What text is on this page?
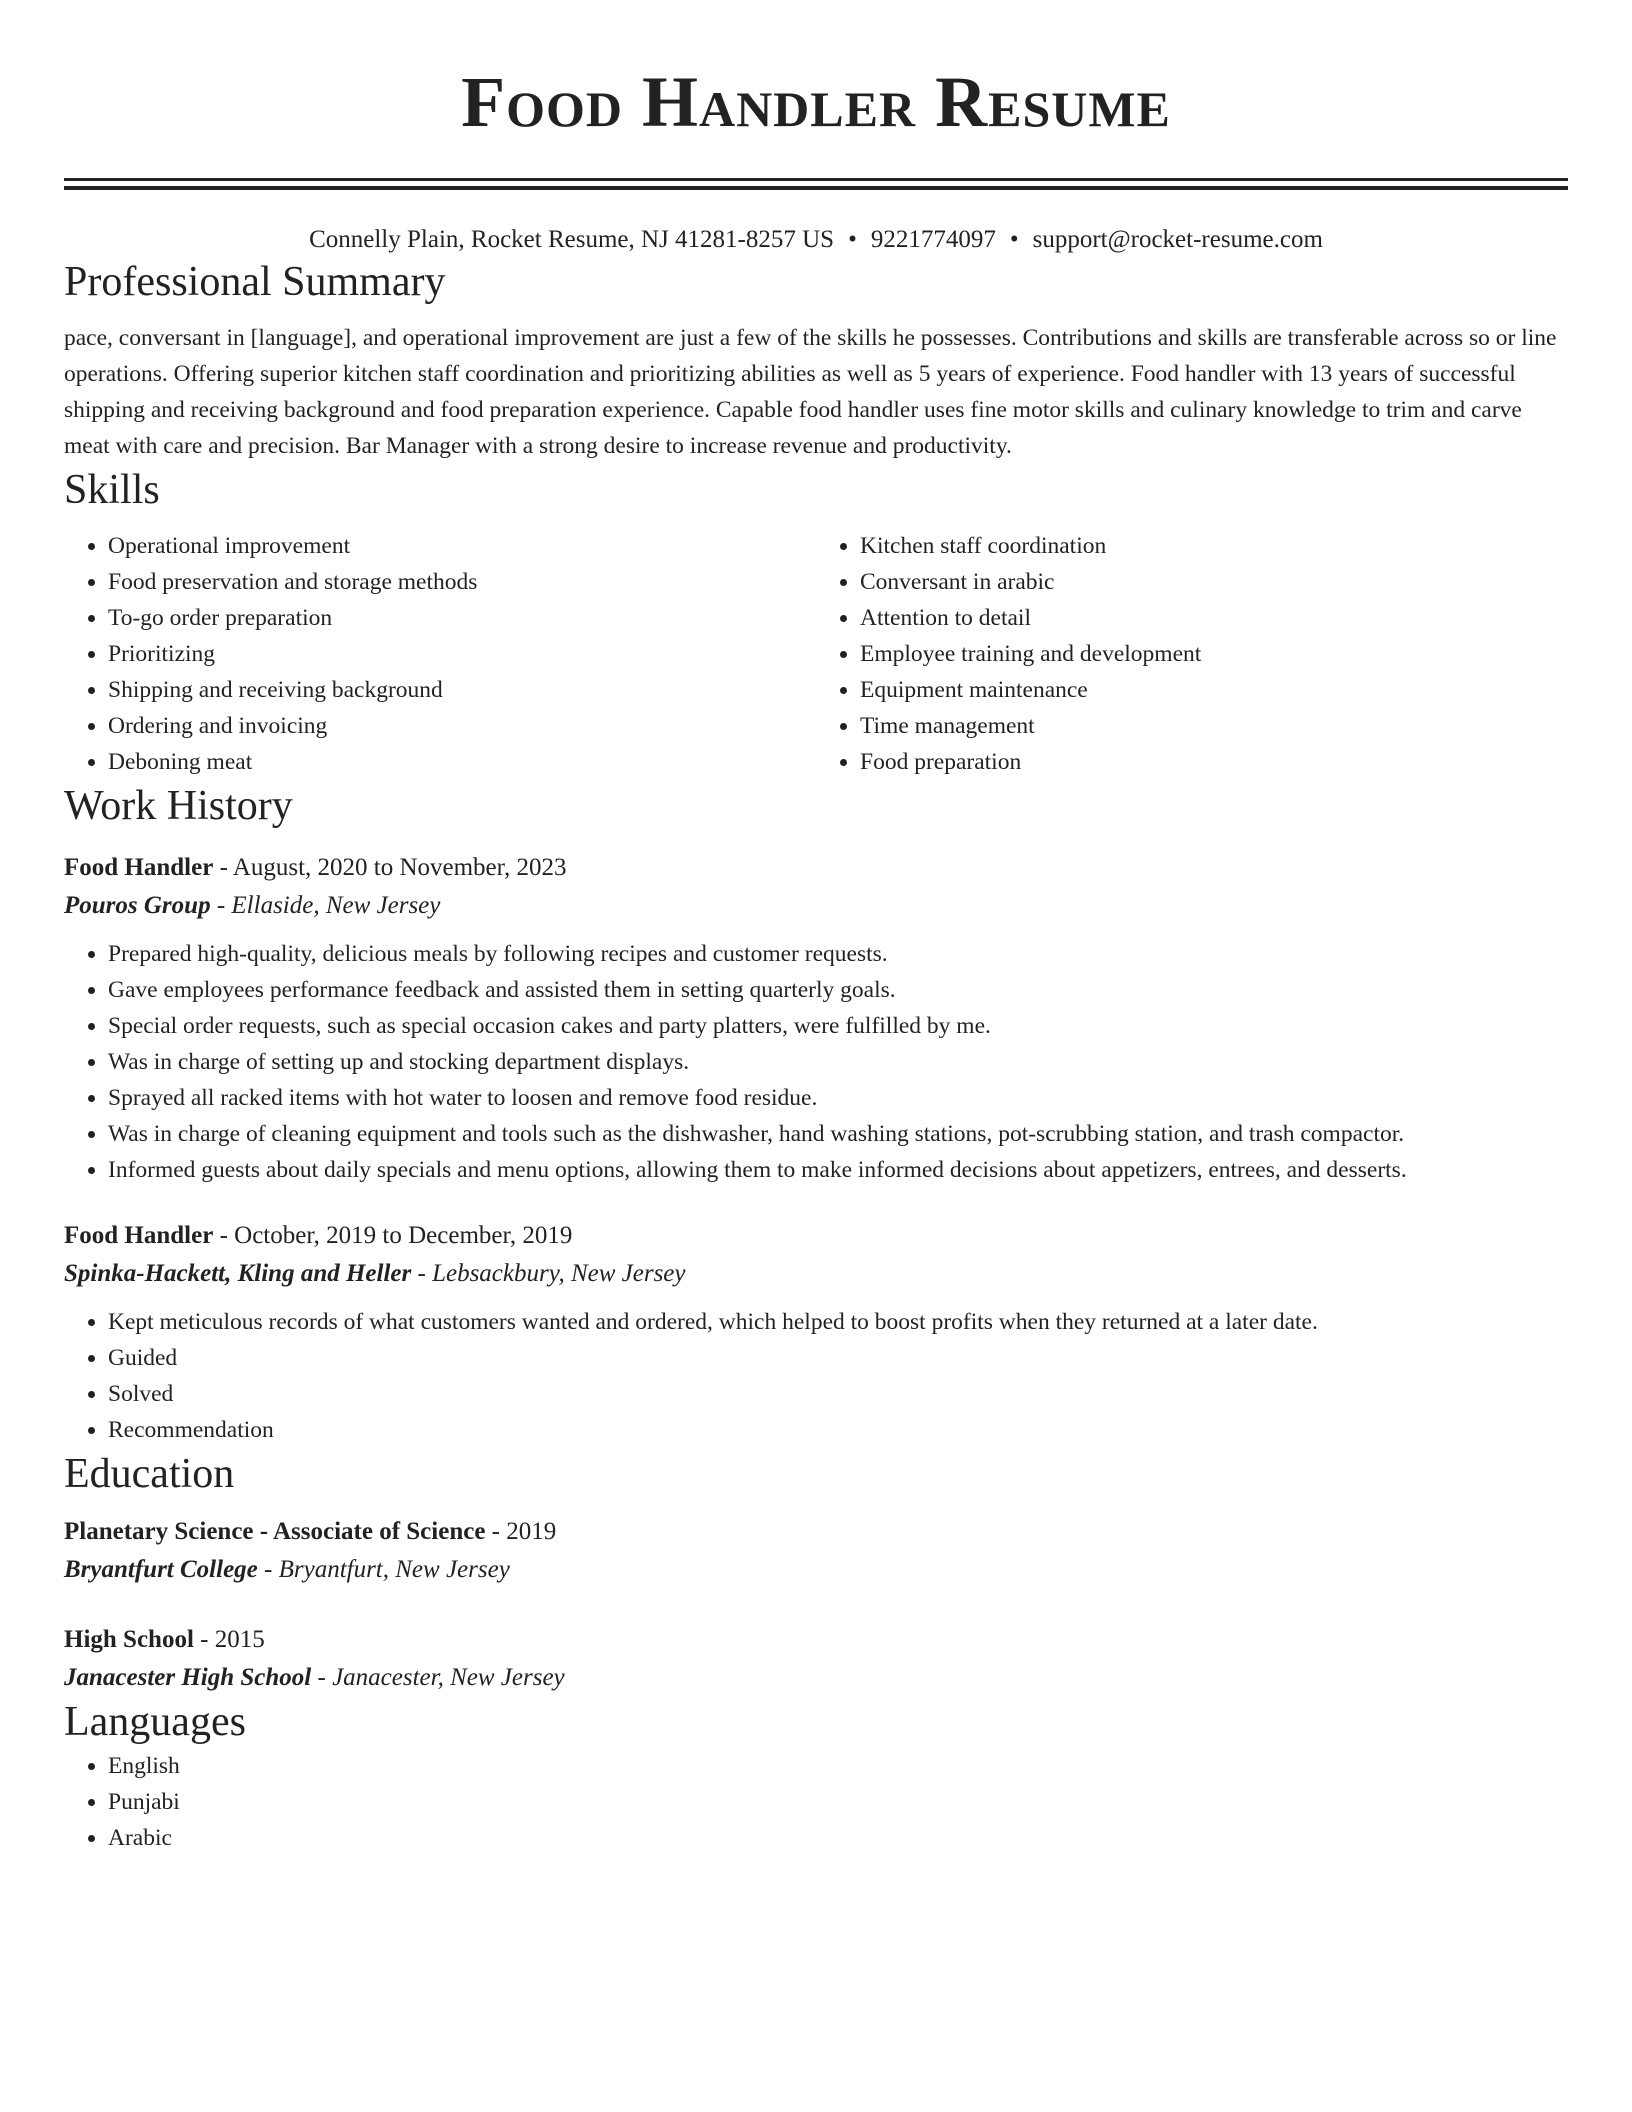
Food Handler Resume
Connelly Plain, Rocket Resume, NJ 41281-8257 US • 9221774097 • support@rocket-resume.com
Professional Summary

pace, conversant in [language], and operational improvement are just a few of the skills he possesses. Contributions and skills are transferable across so or line operations. Offering superior kitchen staff coordination and prioritizing abilities as well as 5 years of experience. Food handler with 13 years of successful shipping and receiving background and food preparation experience. Capable food handler uses fine motor skills and culinary knowledge to trim and carve meat with care and precision. Bar Manager with a strong desire to increase revenue and productivity.

Skills
• Operational improvement
• Food preservation and storage methods
• To-go order preparation
• Prioritizing
• Shipping and receiving background
• Ordering and invoicing
• Deboning meat
• Kitchen staff coordination
• Conversant in arabic
• Attention to detail
• Employee training and development
• Equipment maintenance
• Time management
• Food preparation
Work History
Food Handler - August, 2020 to November, 2023
Pouros Group - Ellaside, New Jersey
• Prepared high-quality, delicious meals by following recipes and customer requests.
• Gave employees performance feedback and assisted them in setting quarterly goals.
• Special order requests, such as special occasion cakes and party platters, were fulfilled by me.
• Was in charge of setting up and stocking department displays.
• Sprayed all racked items with hot water to loosen and remove food residue.
• Was in charge of cleaning equipment and tools such as the dishwasher, hand washing stations, pot-scrubbing station, and trash compactor.
• Informed guests about daily specials and menu options, allowing them to make informed decisions about appetizers, entrees, and desserts.
Food Handler - October, 2019 to December, 2019
Spinka-Hackett, Kling and Heller - Lebsackbury, New Jersey
• Kept meticulous records of what customers wanted and ordered, which helped to boost profits when they returned at a later date.
• Guided
• Solved
• Recommendation
Education
Planetary Science - Associate of Science - 2019
Bryantfurt College - Bryantfurt, New Jersey
High School - 2015
Janacester High School - Janacester, New Jersey
Languages
• English
• Punjabi
• Arabic
